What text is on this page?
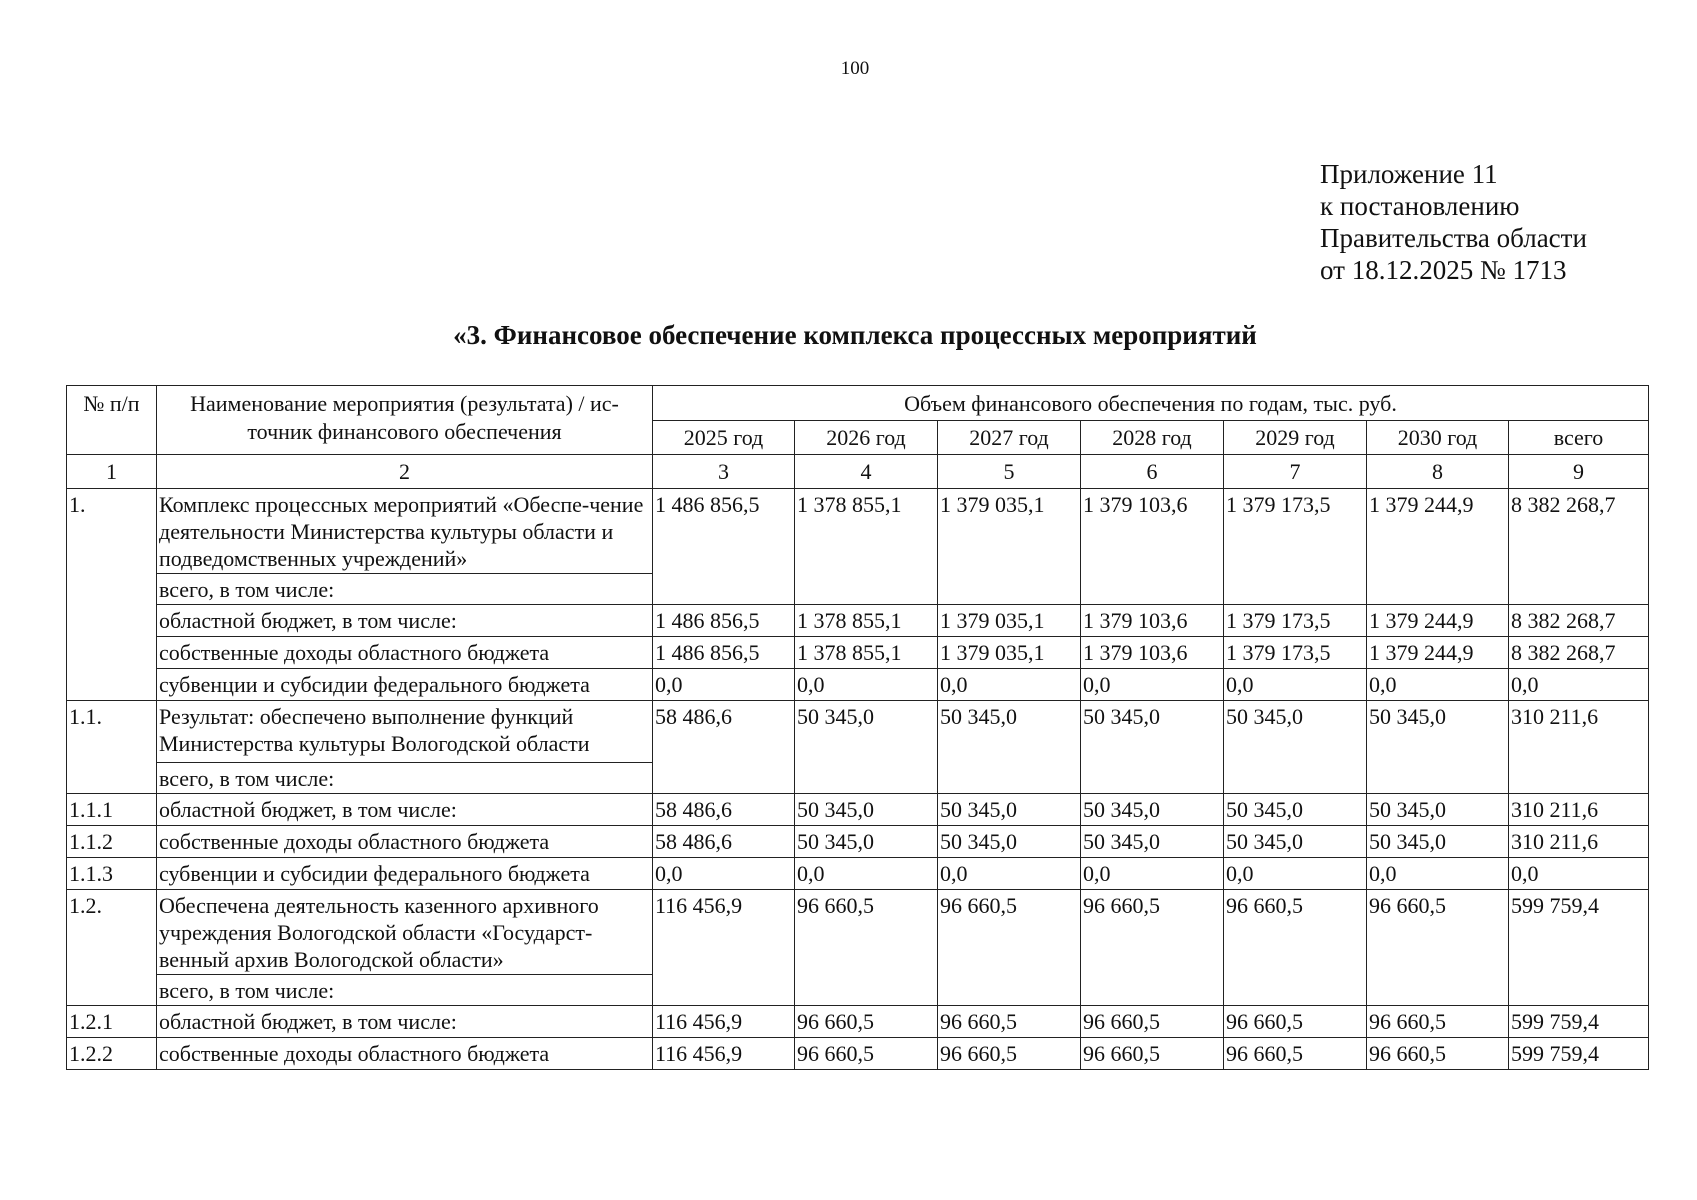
100
Приложение 11
к постановлению
Правительства области
от 18.12.2025 № 1713
«3. Финансовое обеспечение комплекса процессных мероприятий
№ п/п	Наименование мероприятия (результата) / ис-точник финансового обеспечения	Объем финансового обеспечения по годам, тыс. руб.						
		2025 год	2026 год	2027 год	2028 год	2029 год	2030 год	всего
1	2	3	4	5	6	7	8	9
1.	Комплекс процессных мероприятий «Обеспе-чение деятельности Министерства культуры области и подведомственных учреждений»	1 486 856,5	1 378 855,1	1 379 035,1	1 379 103,6	1 379 173,5	1 379 244,9	8 382 268,7
	всего, в том числе:							
	областной бюджет, в том числе:	1 486 856,5	1 378 855,1	1 379 035,1	1 379 103,6	1 379 173,5	1 379 244,9	8 382 268,7
	собственные доходы областного бюджета	1 486 856,5	1 378 855,1	1 379 035,1	1 379 103,6	1 379 173,5	1 379 244,9	8 382 268,7
	субвенции и субсидии федерального бюджета	0,0	0,0	0,0	0,0	0,0	0,0	0,0
1.1.	Результат: обеспечено выполнение функций Министерства культуры Вологодской области	58 486,6	50 345,0	50 345,0	50 345,0	50 345,0	50 345,0	310 211,6
	всего, в том числе:							
1.1.1	областной бюджет, в том числе:	58 486,6	50 345,0	50 345,0	50 345,0	50 345,0	50 345,0	310 211,6
1.1.2	собственные доходы областного бюджета	58 486,6	50 345,0	50 345,0	50 345,0	50 345,0	50 345,0	310 211,6
1.1.3	субвенции и субсидии федерального бюджета	0,0	0,0	0,0	0,0	0,0	0,0	0,0
1.2.	Обеспечена деятельность казенного архивного учреждения Вологодской области «Государст-венный архив Вологодской области»	116 456,9	96 660,5	96 660,5	96 660,5	96 660,5	96 660,5	599 759,4
	всего, в том числе:							
1.2.1	областной бюджет, в том числе:	116 456,9	96 660,5	96 660,5	96 660,5	96 660,5	96 660,5	599 759,4
1.2.2	собственные доходы областного бюджета	116 456,9	96 660,5	96 660,5	96 660,5	96 660,5	96 660,5	599 759,4
